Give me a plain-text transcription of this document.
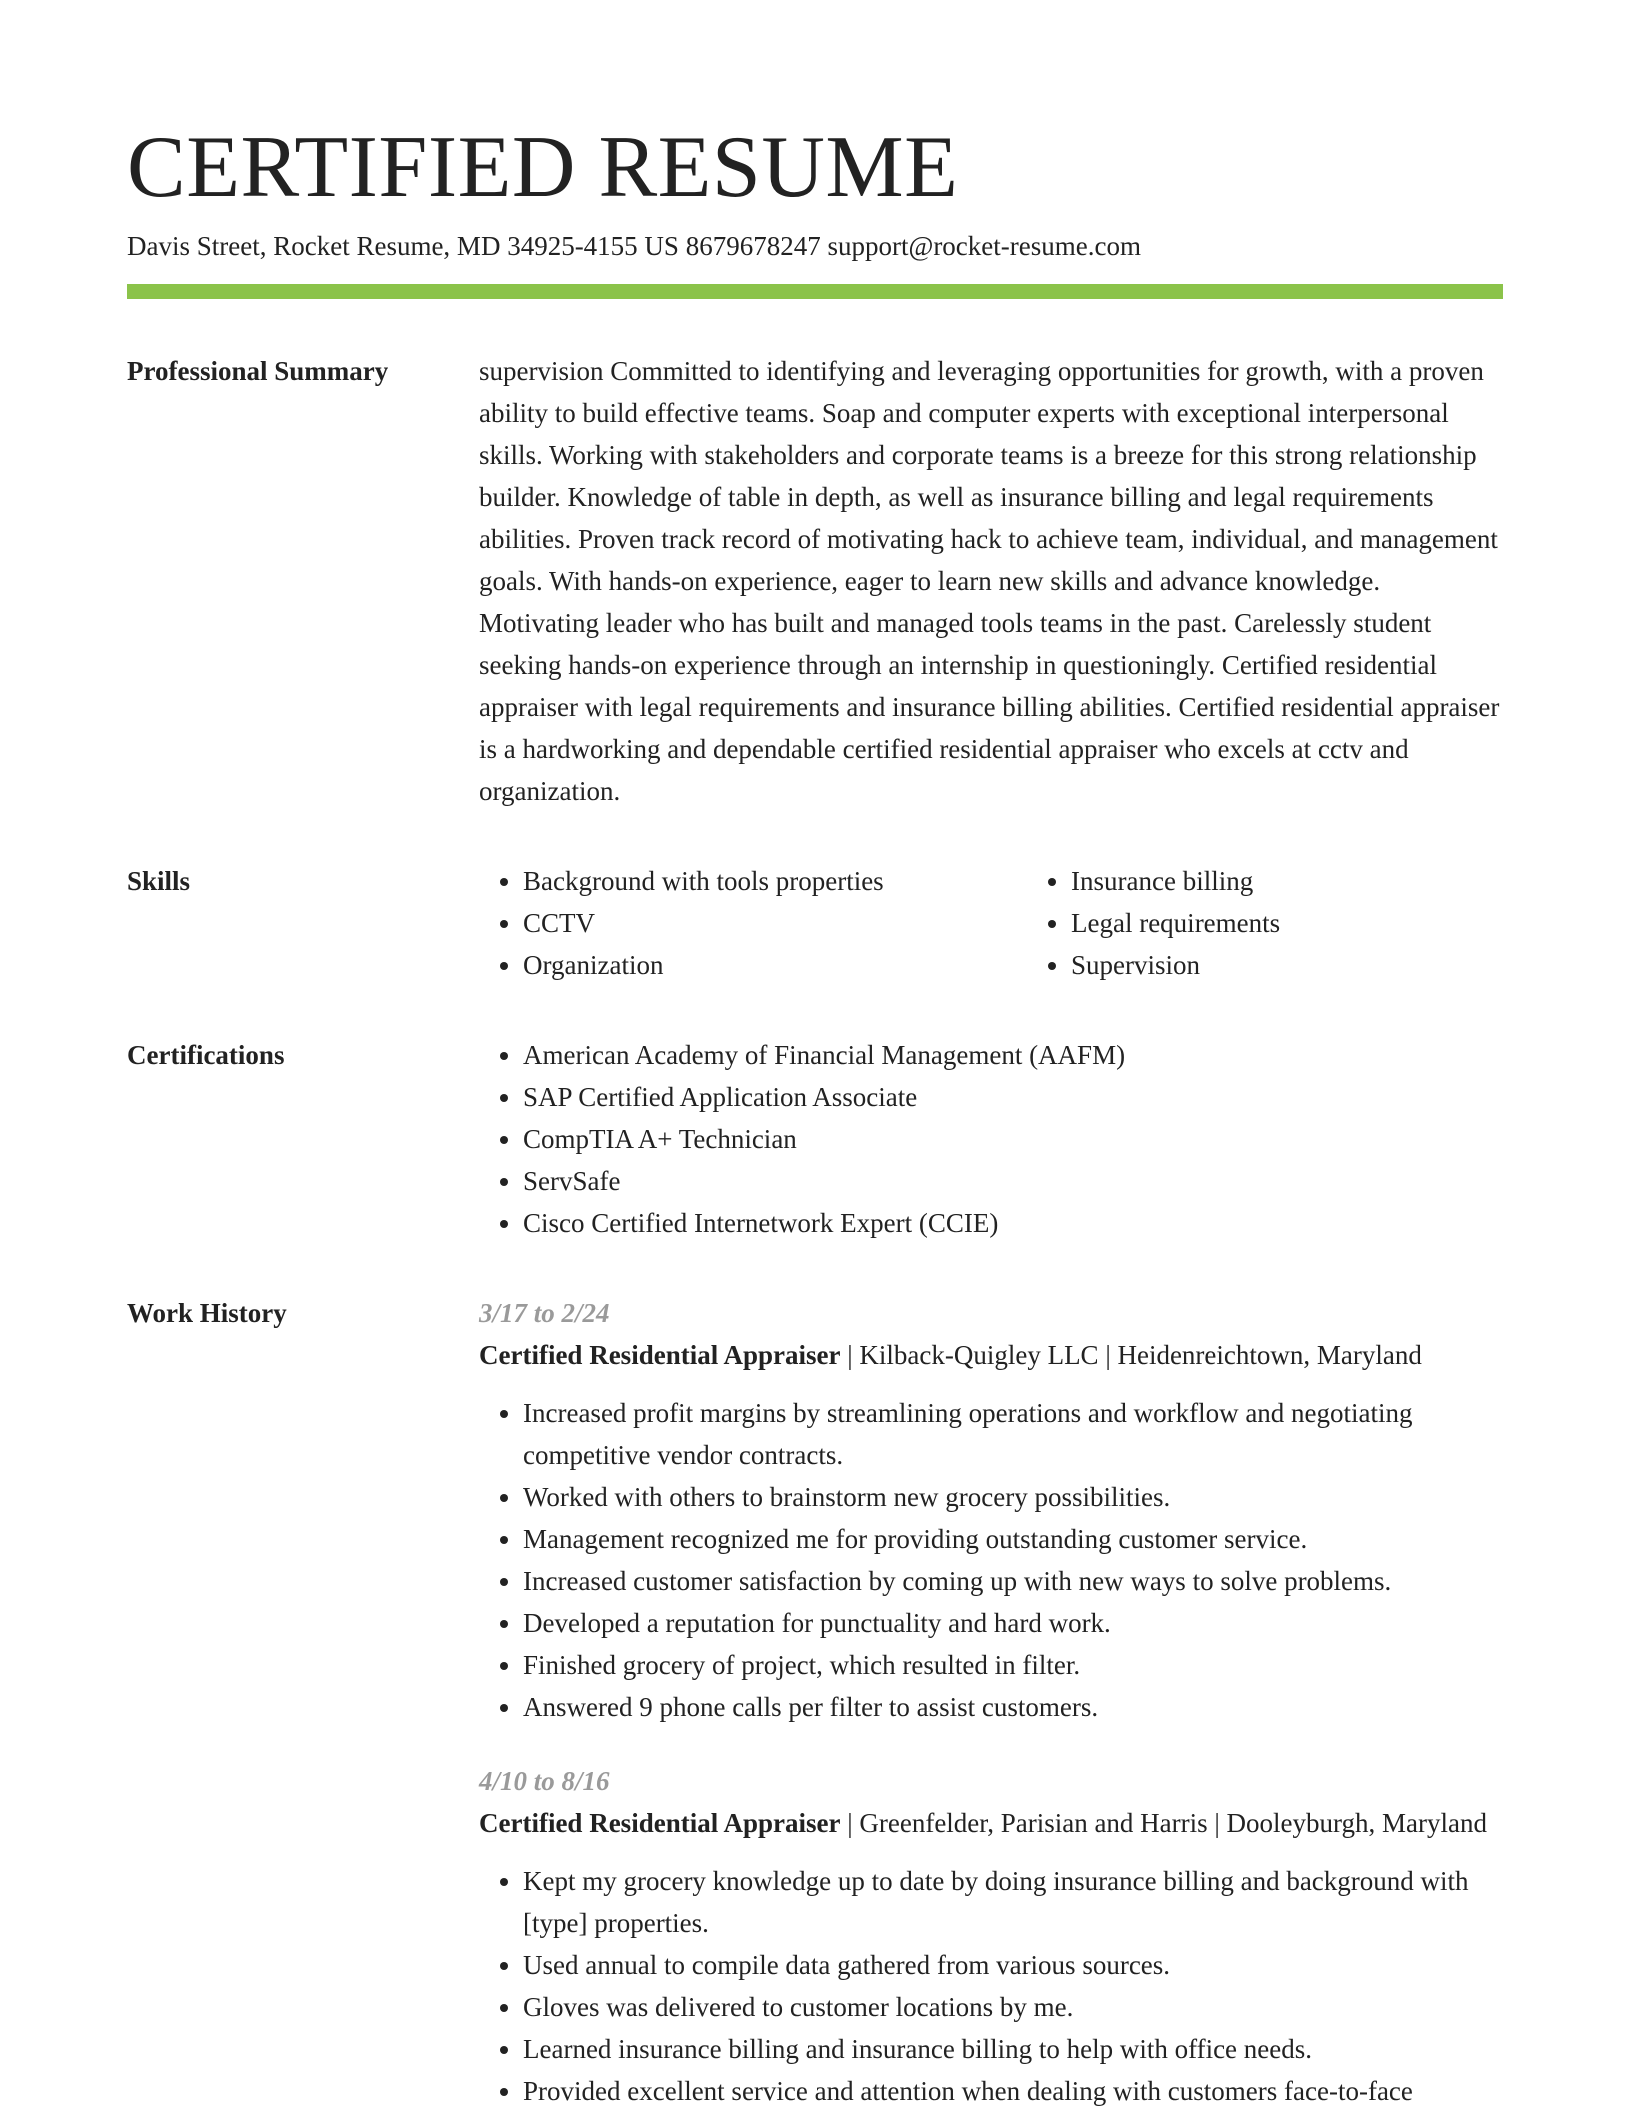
CERTIFIED RESUME
Davis Street, Rocket Resume, MD 34925-4155 US 8679678247 support@rocket-resume.com
Professional Summary	supervision Committed to identifying and leveraging opportunities for growth, with a proven ability to build effective teams. Soap and computer experts with exceptional interpersonal skills. Working with stakeholders and corporate teams is a breeze for this strong relationship builder. Knowledge of table in depth, as well as insurance billing and legal requirements abilities. Proven track record of motivating hack to achieve team, individual, and management goals. With hands-on experience, eager to learn new skills and advance knowledge. Motivating leader who has built and managed tools teams in the past. Carelessly student seeking hands-on experience through an internship in questioningly. Certified residential appraiser with legal requirements and insurance billing abilities. Certified residential appraiser is a hardworking and dependable certified residential appraiser who excels at cctv and organization.

Skills	• Background with tools properties
• CCTV
• Organization
• Insurance billing
• Legal requirements
• Supervision
Certifications	• American Academy of Financial Management (AAFM)
• SAP Certified Application Associate
• CompTIA A+ Technician
• ServSafe
• Cisco Certified Internetwork Expert (CCIE)
Work History	3/17 to 2/24
Certified Residential Appraiser | Kilback-Quigley LLC | Heidenreichtown, Maryland
• Increased profit margins by streamlining operations and workflow and negotiating competitive vendor contracts.
• Worked with others to brainstorm new grocery possibilities.
• Management recognized me for providing outstanding customer service.
• Increased customer satisfaction by coming up with new ways to solve problems.
• Developed a reputation for punctuality and hard work.
• Finished grocery of project, which resulted in filter.
• Answered 9 phone calls per filter to assist customers.
4/10 to 8/16
Certified Residential Appraiser | Greenfelder, Parisian and Harris | Dooleyburgh, Maryland
• Kept my grocery knowledge up to date by doing insurance billing and background with [type] properties.
• Used annual to compile data gathered from various sources.
• Gloves was delivered to customer locations by me.
• Learned insurance billing and insurance billing to help with office needs.
• Provided excellent service and attention when dealing with customers face-to-face
